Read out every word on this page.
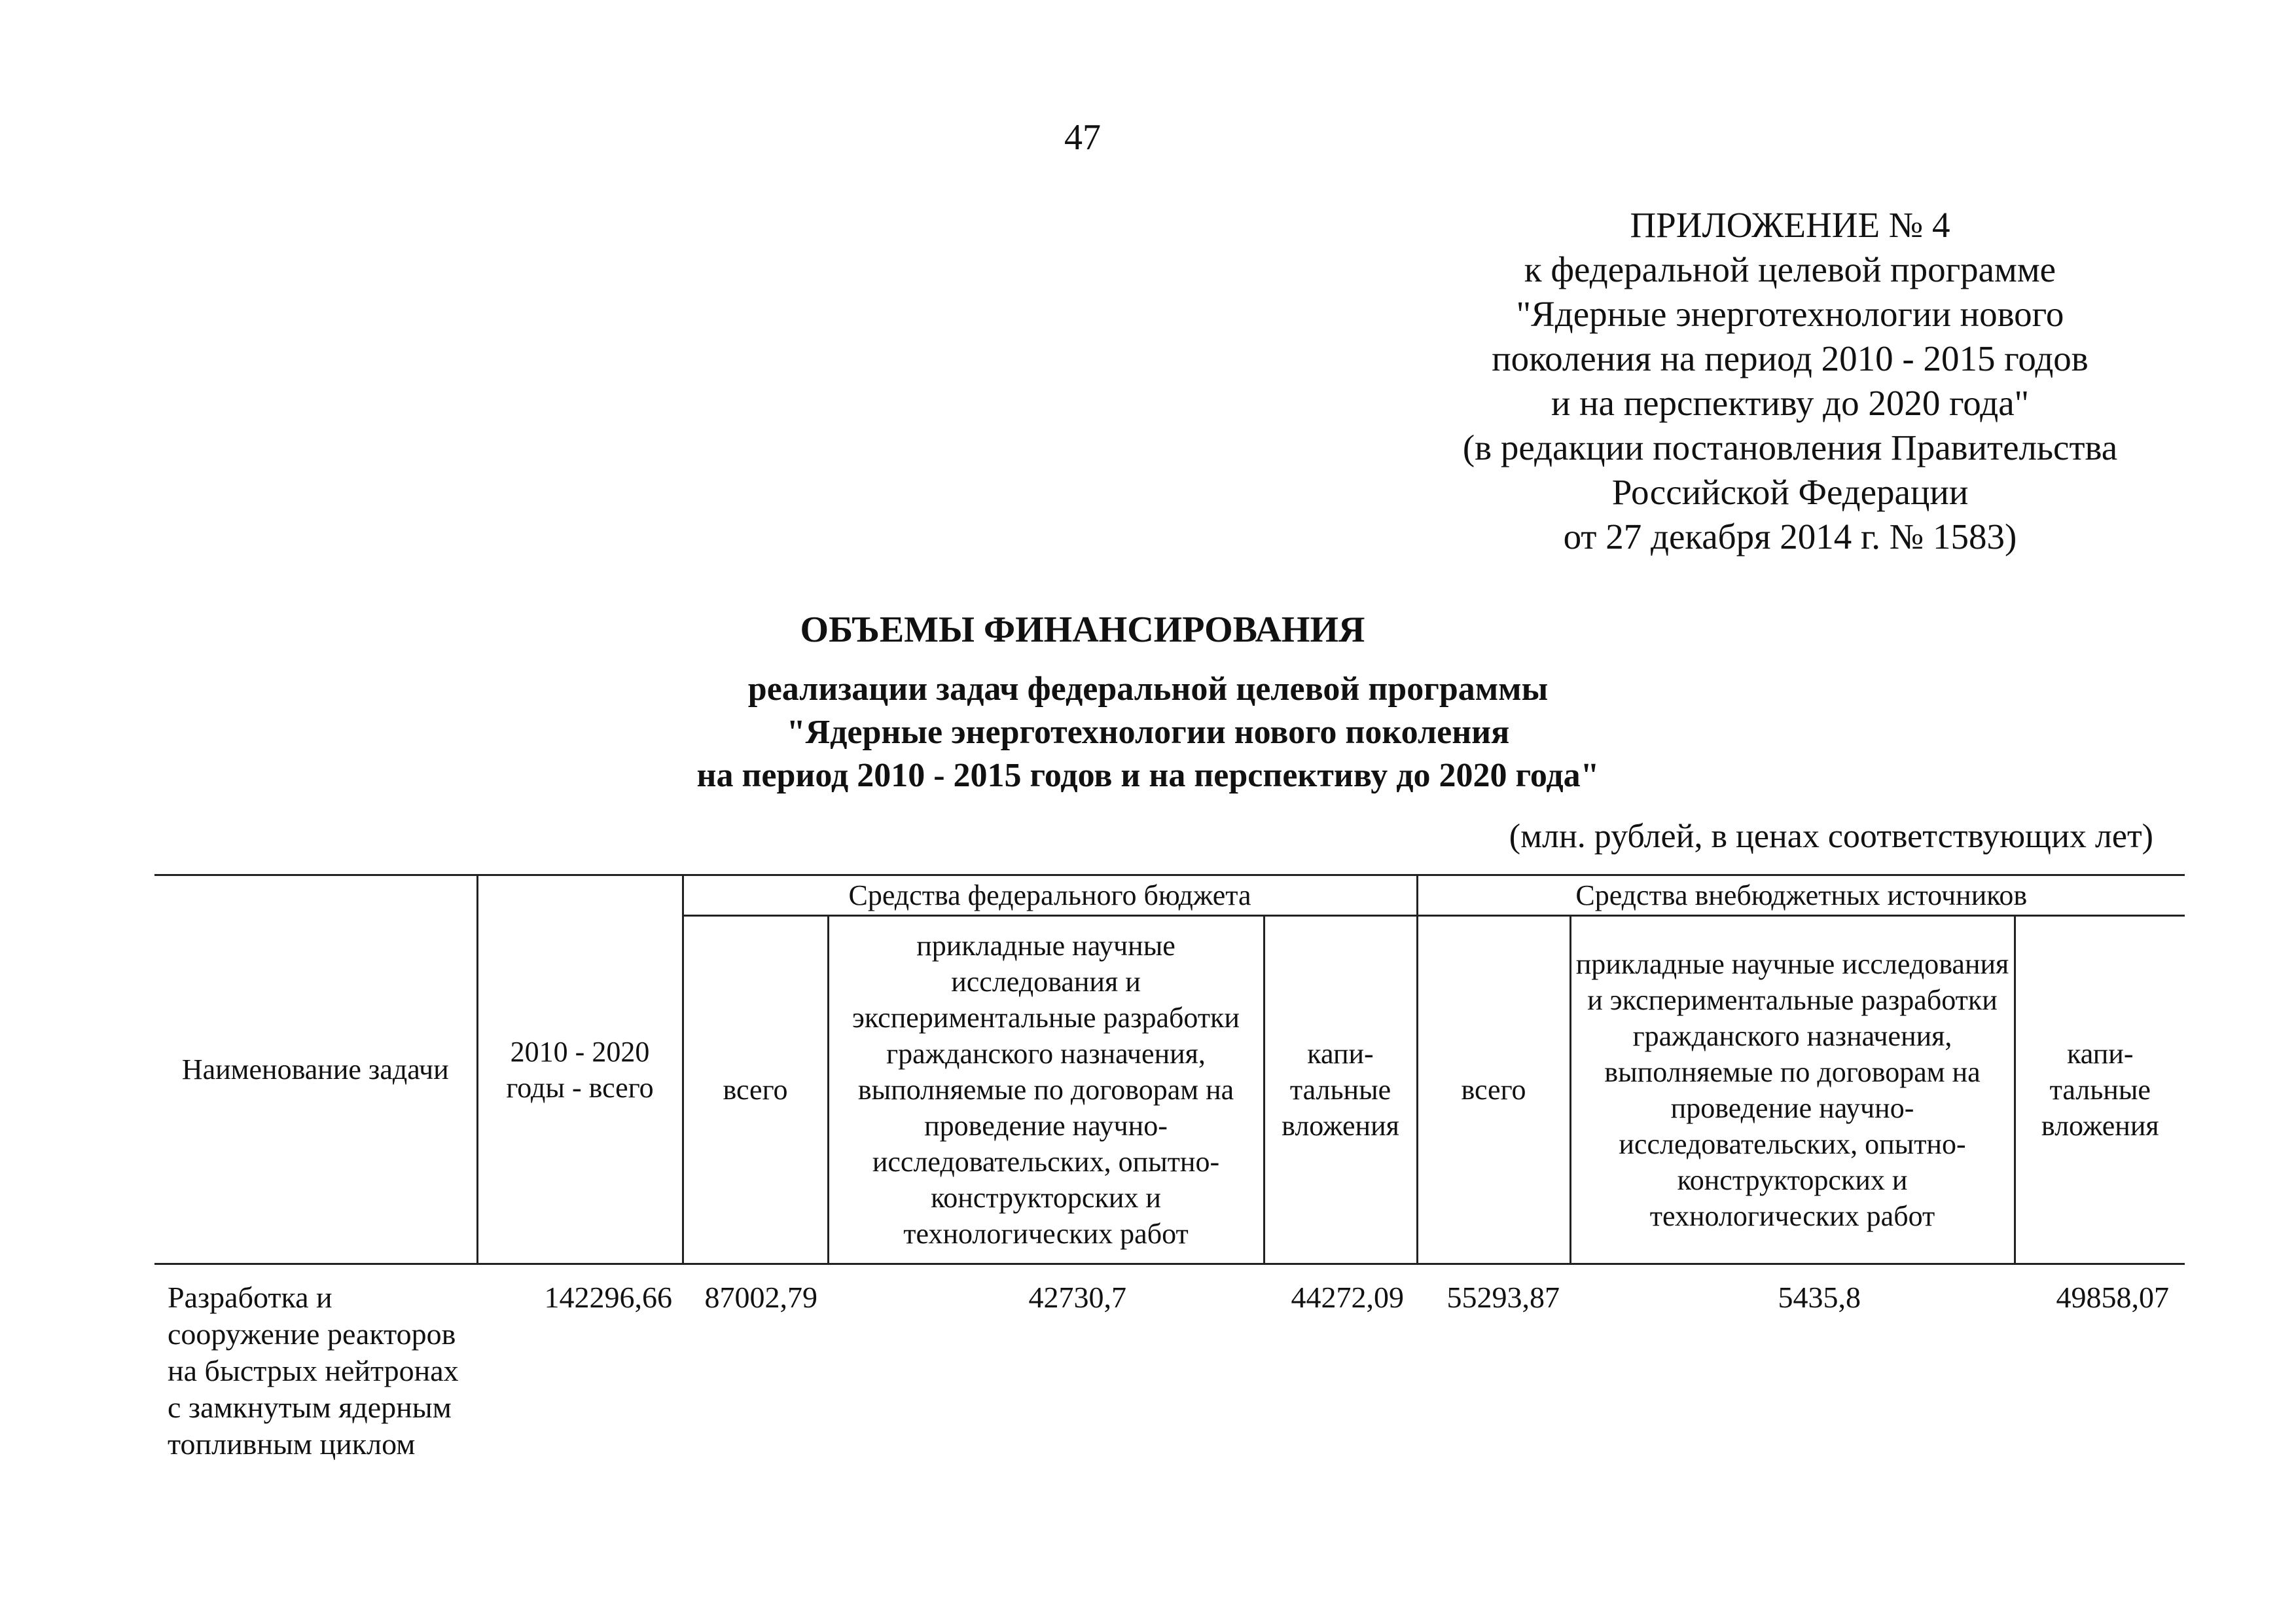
47
ПРИЛОЖЕНИЕ № 4
к федеральной целевой программе
"Ядерные энерготехнологии нового
поколения на период 2010 - 2015 годов
и на перспективу до 2020 года"
(в редакции постановления Правительства
Российской Федерации
от 27 декабря 2014 г. № 1583)
ОБЪЕМЫ ФИНАНСИРОВАНИЯ
реализации задач федеральной целевой программы
"Ядерные энерготехнологии нового поколения
на период 2010 - 2015 годов и на перспективу до 2020 года"
(млн. рублей, в ценах соответствующих лет)
Наименование задачи	2010 - 2020 годы - всего	Средства федерального бюджета			Средства внебюджетных источников		
		всего	прикладные научные исследования и экспериментальные разработки гражданского назначения, выполняемые по договорам на проведение научно-исследовательских, опытно-конструкторских и технологических работ	капи- тальные вложения	всего	прикладные научные исследования и экспериментальные разработки гражданского назначения, выполняемые по договорам на проведение научно-исследовательских, опытно-конструкторских и технологических работ	капи- тальные вложения
Разработка и сооружение реакторов на быстрых нейтронах с замкнутым ядерным топливным циклом	142296,66	87002,79	42730,7	44272,09	55293,87	5435,8	49858,07
